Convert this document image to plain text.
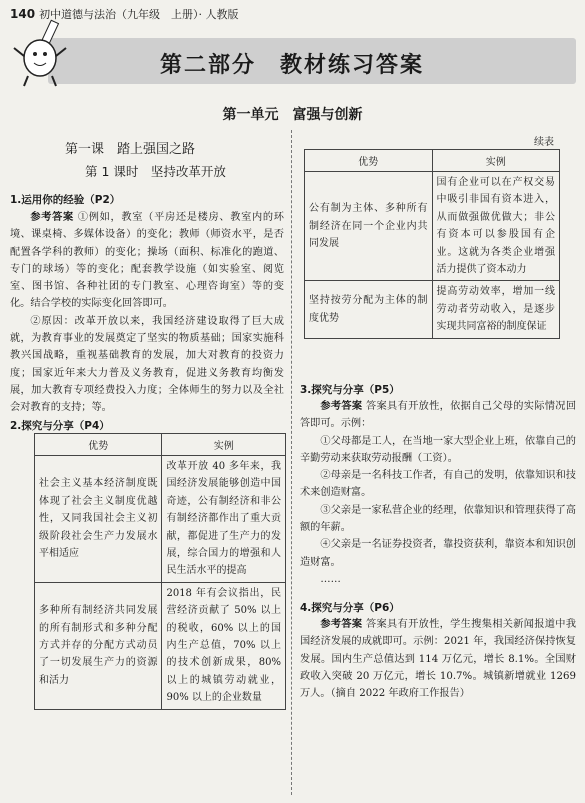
140 初中道德与法治（九年级　上册）· 人教版
第二部分　教材练习答案
第一单元　富强与创新
第一课　踏上强国之路
第 1 课时　坚持改革开放
1.运用你的经验（P2）
参考答案 ①例如，教室（平房还是楼房、教室内的环境、课桌椅、多媒体设备）的变化；教师（师资水平，是否配置各学科的教师）的变化；操场（面积、标准化的跑道、专门的球场）等的变化；配套教学设施（如实验室、阅览室、图书馆、各种社团的专门教室、心理咨询室）等的变化。结合学校的实际变化回答即可。
②原因：改革开放以来，我国经济建设取得了巨大成就，为教育事业的发展奠定了坚实的物质基础；国家实施科教兴国战略，重视基础教育的发展，加大对教育的投资力度；国家近年来大力普及义务教育，促进义务教育均衡发展，加大教育专项经费投入力度；全体师生的努力以及全社会对教育的支持；等。
2.探究与分享（P4）
优势	实例
社会主义基本经济制度既体现了社会主义制度优越性，又同我国社会主义初级阶段社会生产力发展水平相适应	改革开放 40 多年来，我国经济发展能够创造中国奇迹，公有制经济和非公有制经济都作出了重大贡献，都促进了生产力的发展，综合国力的增强和人民生活水平的提高
多种所有制经济共同发展的所有制形式和多种分配方式并存的分配方式动员了一切发展生产力的资源和活力	2018 年有会议指出，民营经济贡献了 50% 以上的税收，60% 以上的国内生产总值，70% 以上的技术创新成果，80% 以上的城镇劳动就业，90% 以上的企业数量
续表
优势	实例
公有制为主体、多种所有制经济在同一个企业内共同发展	国有企业可以在产权交易中吸引非国有资本进入，从而做强做优做大；非公有资本可以参股国有企业。这就为各类企业增强活力提供了资本动力
坚持按劳分配为主体的制度优势	提高劳动效率，增加一线劳动者劳动收入，是逐步实现共同富裕的制度保证
3.探究与分享（P5）
参考答案 答案具有开放性，依据自己父母的实际情况回答即可。示例：
①父母都是工人，在当地一家大型企业上班，依靠自己的辛勤劳动来获取劳动报酬（工资）。
②母亲是一名科技工作者，有自己的发明，依靠知识和技术来创造财富。
③父亲是一家私营企业的经理，依靠知识和管理获得了高额的年薪。
④父亲是一名证券投资者，靠投资获利，靠资本和知识创造财富。
……
4.探究与分享（P6）
参考答案 答案具有开放性，学生搜集相关新闻报道中我国经济发展的成就即可。示例：2021 年，我国经济保持恢复发展。国内生产总值达到 114 万亿元，增长 8.1%。全国财政收入突破 20 万亿元，增长 10.7%。城镇新增就业 1269 万人。（摘自 2022 年政府工作报告）
